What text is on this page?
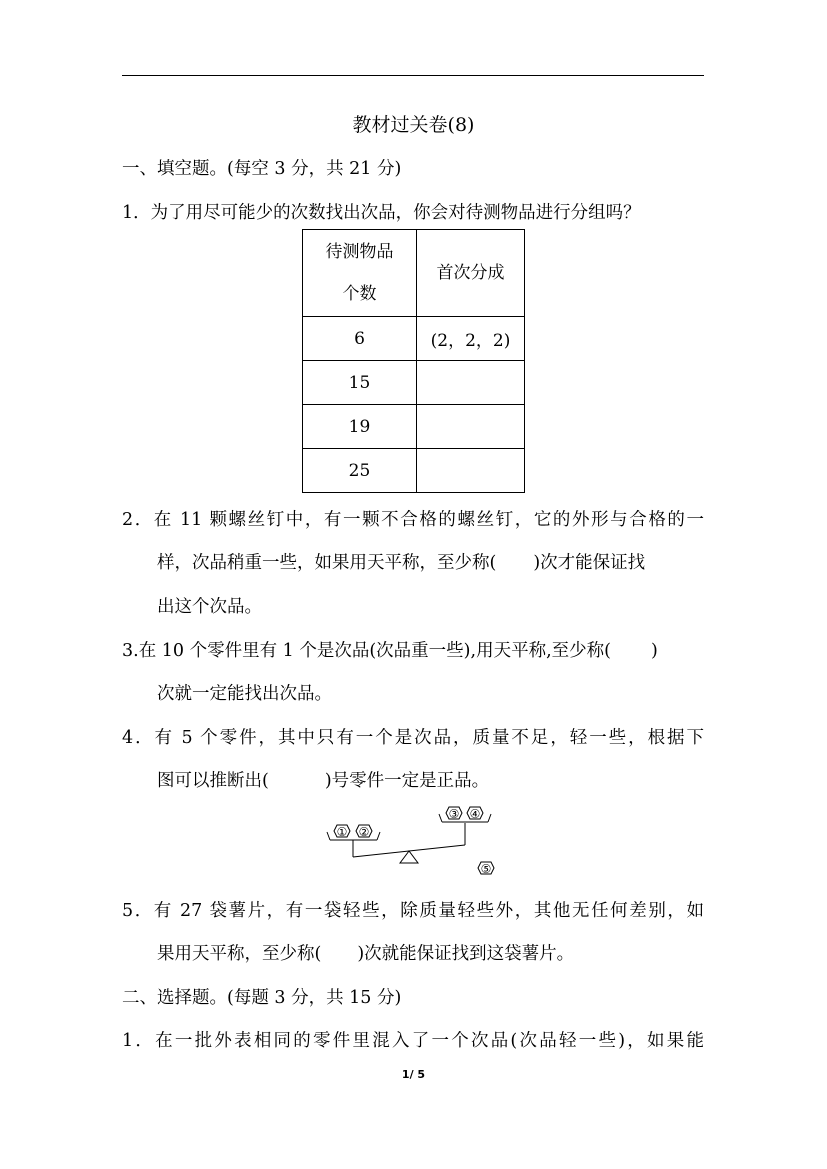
教材过关卷(8)
一、填空题。(每空 3 分，共 21 分)
1．为了用尽可能少的次数找出次品，你会对待测物品进行分组吗？
待测物品
个数	首次分成
6	(2，2，2)
15	
19	
25	
2．在 11 颗螺丝钉中，有一颗不合格的螺丝钉，它的外形与合格的一
样，次品稍重一些，如果用天平称，至少称( )次才能保证找
出这个次品。
3.在 10 个零件里有 1 个是次品(次品重一些),用天平称,至少称( )
次就一定能找出次品。
4．有 5 个零件，其中只有一个是次品，质量不足，轻一些，根据下
图可以推断出(	)号零件一定是正品。
① ②
③ ④
⑤
5．有 27 袋薯片，有一袋轻些，除质量轻些外，其他无任何差别，如
果用天平称，至少称( )次就能保证找到这袋薯片。
二、选择题。(每题 3 分，共 15 分)
1．在一批外表相同的零件里混入了一个次品(次品轻一些)，如果能
1/ 5
